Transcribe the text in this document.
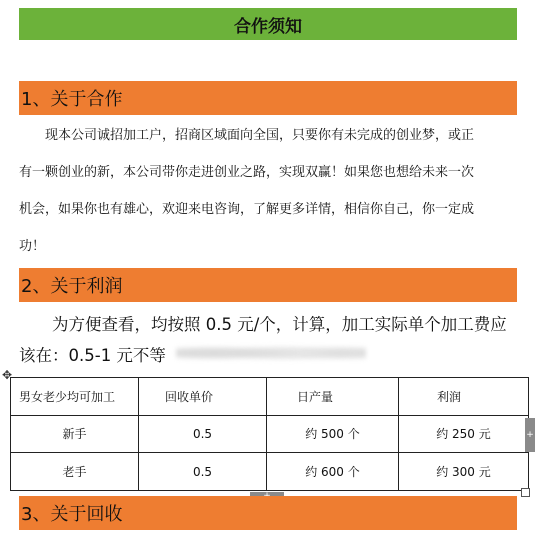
合作须知
1、关于合作

　　现本公司诚招加工户，招商区域面向全国，只要你有未完成的创业梦，或正
有一颗创业的新，本公司带你走进创业之路，实现双赢！如果您也想给未来一次
机会，如果你也有雄心，欢迎来电咨询，了解更多详情，相信你自己，你一定成
功！

2、关于利润

　　为方便查看，均按照 0.5 元/个，计算，加工实际单个加工费应
该在：0.5-1 元不等

✥
男女老少均可加工	回收单价	日产量	利润
新手	0.5	约 500 个	约 250 元
老手	0.5	约 600 个	约 300 元
+
3、关于回收
